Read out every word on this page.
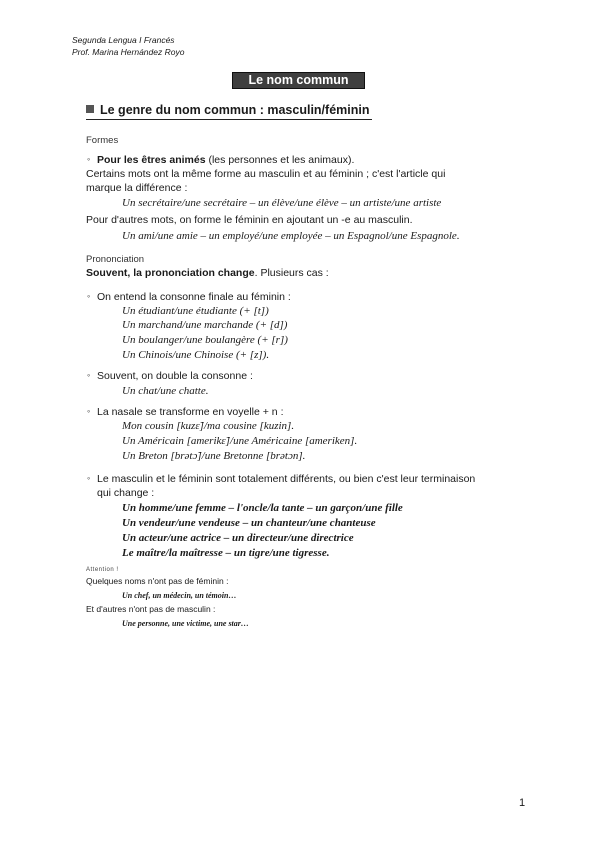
Segunda Lengua I Francés
Prof. Marina Hernández Royo
Le nom commun
Le genre du nom commun : masculin/féminin
Formes
◦ Pour les êtres animés (les personnes et les animaux).
Certains mots ont la même forme au masculin et au féminin ; c'est l'article qui
marque la différence :
Un secrétaire/une secrétaire – un élève/une élève – un artiste/une artiste
Pour d'autres mots, on forme le féminin en ajoutant un -e au masculin.
Un ami/une amie – un employé/une employée – un Espagnol/une Espagnole.
Prononciation
Souvent, la prononciation change. Plusieurs cas :
◦ On entend la consonne finale au féminin :
Un étudiant/une étudiante (+ [t])
Un marchand/une marchande (+ [d])
Un boulanger/une boulangère (+ [r])
Un Chinois/une Chinoise (+ [z]).
◦ Souvent, on double la consonne :
Un chat/une chatte.
◦ La nasale se transforme en voyelle + n :
Mon cousin [kuzɛ̃]/ma cousine [kuzin].
Un Américain [amerikɛ̃]/une Américaine [ameriken].
Un Breton [brətɔ̃]/une Bretonne [brətɔn].
◦ Le masculin et le féminin sont totalement différents, ou bien c'est leur terminaison
qui change :
Un homme/une femme – l'oncle/la tante – un garçon/une fille
Un vendeur/une vendeuse – un chanteur/une chanteuse
Un acteur/une actrice – un directeur/une directrice
Le maître/la maîtresse – un tigre/une tigresse.
Attention !
Quelques noms n'ont pas de féminin :
Un chef, un médecin, un témoin…
Et d'autres n'ont pas de masculin :
Une personne, une victime, une star…
1
